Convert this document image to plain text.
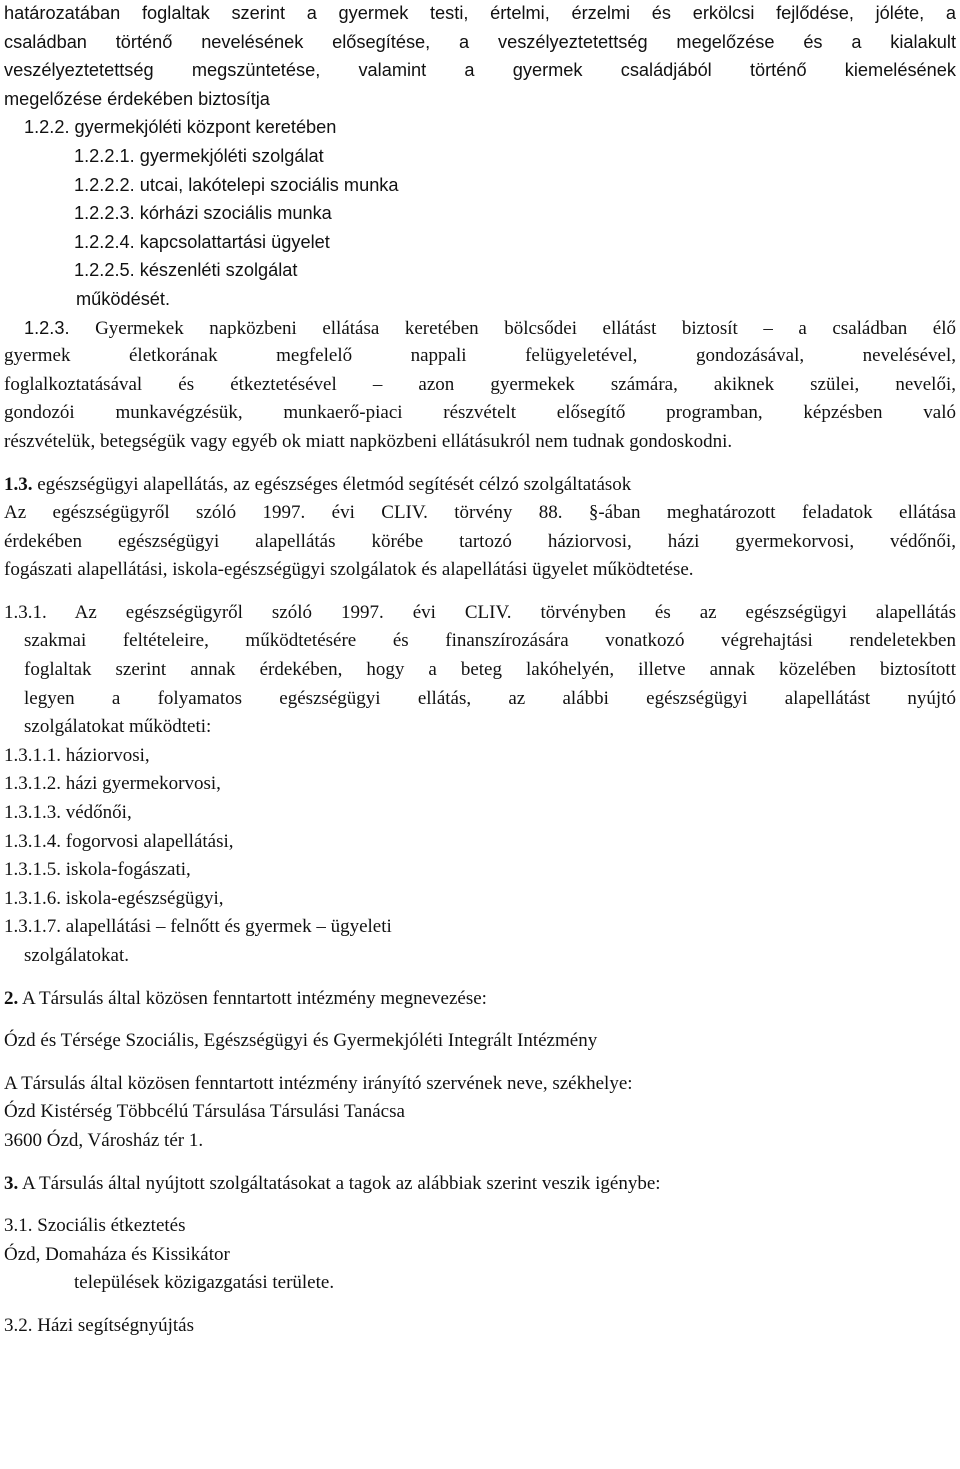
határozatában foglaltak szerint a gyermek testi, értelmi, érzelmi és erkölcsi fejlődése, jóléte, a
családban történő nevelésének elősegítése, a veszélyeztetettség megelőzése és a kialakult
veszélyeztetettség megszüntetése, valamint a gyermek családjából történő kiemelésének
megelőzése érdekében biztosítja
1.2.2. gyermekjóléti központ keretében
1.2.2.1. gyermekjóléti szolgálat
1.2.2.2. utcai, lakótelepi szociális munka
1.2.2.3. kórházi szociális munka
1.2.2.4. kapcsolattartási ügyelet
1.2.2.5. készenléti szolgálat
működését.
1.2.3. Gyermekek napközbeni ellátása keretében bölcsődei ellátást biztosít – a családban élő
gyermek életkorának megfelelő nappali felügyeletével, gondozásával, nevelésével,
foglalkoztatásával és étkeztetésével – azon gyermekek számára, akiknek szülei, nevelői,
gondozói munkavégzésük, munkaerő-piaci részvételt elősegítő programban, képzésben való
részvételük, betegségük vagy egyéb ok miatt napközbeni ellátásukról nem tudnak gondoskodni.
1.3. egészségügyi alapellátás, az egészséges életmód segítését célzó szolgáltatások
Az egészségügyről szóló 1997. évi CLIV. törvény 88. §-ában meghatározott feladatok ellátása
érdekében egészségügyi alapellátás körébe tartozó háziorvosi, házi gyermekorvosi, védőnői,
fogászati alapellátási, iskola-egészségügyi szolgálatok és alapellátási ügyelet működtetése.
1.3.1. Az egészségügyről szóló 1997. évi CLIV. törvényben és az egészségügyi alapellátás
szakmai feltételeire, működtetésére és finanszírozására vonatkozó végrehajtási rendeletekben
foglaltak szerint annak érdekében, hogy a beteg lakóhelyén, illetve annak közelében biztosított
legyen a folyamatos egészségügyi ellátás, az alábbi egészségügyi alapellátást nyújtó
szolgálatokat működteti:
1.3.1.1. háziorvosi,
1.3.1.2. házi gyermekorvosi,
1.3.1.3. védőnői,
1.3.1.4. fogorvosi alapellátási,
1.3.1.5. iskola-fogászati,
1.3.1.6. iskola-egészségügyi,
1.3.1.7. alapellátási – felnőtt és gyermek – ügyeleti
szolgálatokat.
2. A Társulás által közösen fenntartott intézmény megnevezése:
Ózd és Térsége Szociális, Egészségügyi és Gyermekjóléti Integrált Intézmény
A Társulás által közösen fenntartott intézmény irányító szervének neve, székhelye:
Ózd Kistérség Többcélú Társulása Társulási Tanácsa
3600 Ózd, Városház tér 1.
3. A Társulás által nyújtott szolgáltatásokat a tagok az alábbiak szerint veszik igénybe:
3.1. Szociális étkeztetés
Ózd, Domaháza és Kissikátor
települések közigazgatási területe.
3.2. Házi segítségnyújtás
